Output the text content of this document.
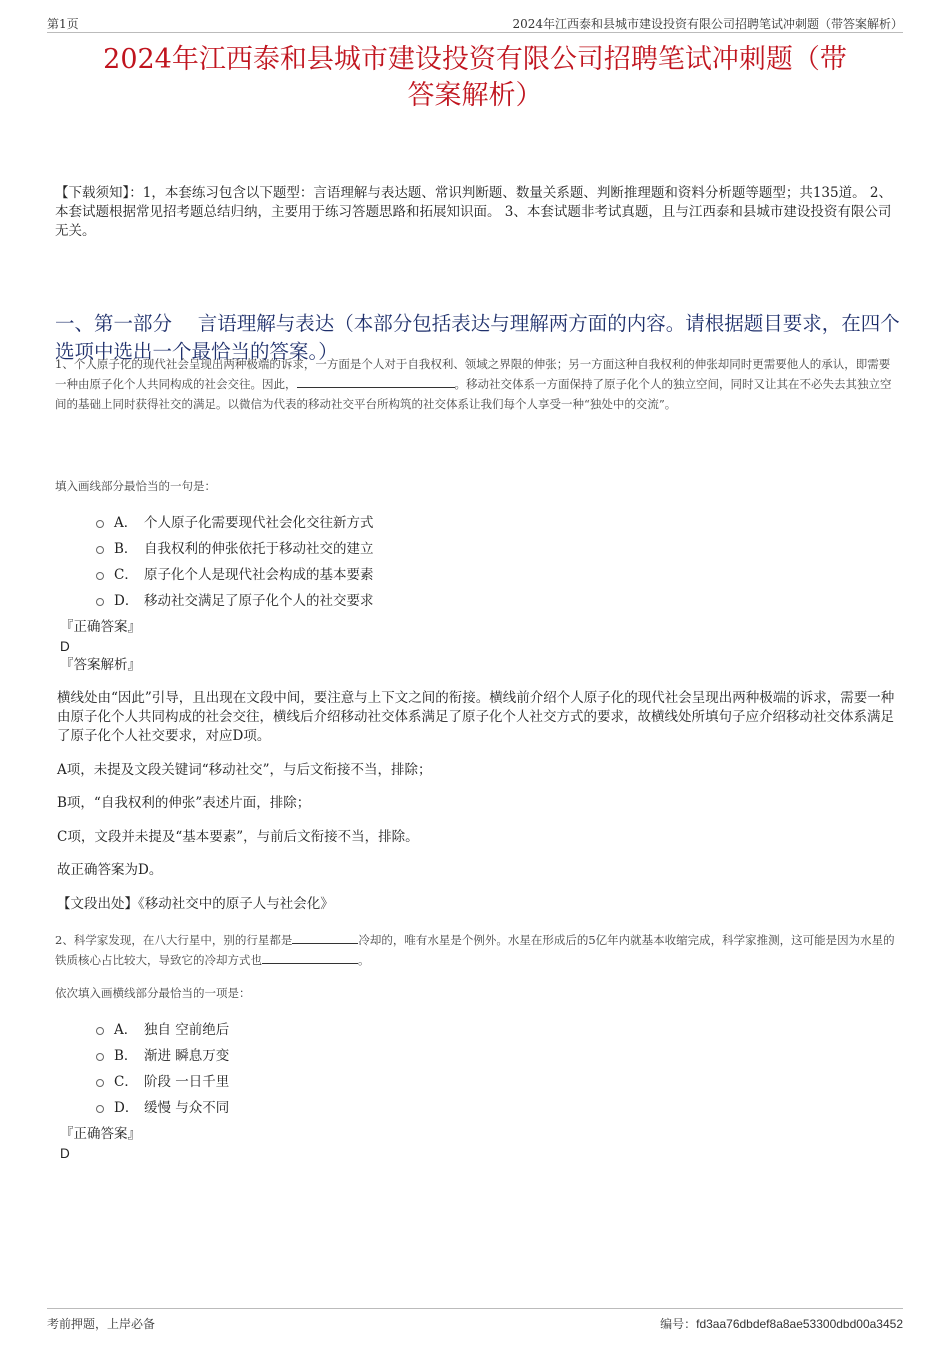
第1页	2024年江西泰和县城市建设投资有限公司招聘笔试冲刺题（带答案解析）
2024年江西泰和县城市建设投资有限公司招聘笔试冲刺题（带
答案解析）
【下载须知】：1，本套练习包含以下题型：言语理解与表达题、常识判断题、数量关系题、判断推理题和资料分析题等题型；共135道。 2、本套试题根据常见招考题总结归纳，主要用于练习答题思路和拓展知识面。 3、本套试题非考试真题，且与江西泰和县城市建设投资有限公司无关。
一、第一部分　 言语理解与表达（本部分包括表达与理解两方面的内容。请根据题目要求，在四个选项中选出一个最恰当的答案。）
1、个人原子化的现代社会呈现出两种极端的诉求，一方面是个人对于自我权利、领域之界限的伸张；另一方面这种自我权利的伸张却同时更需要他人的承认，即需要一种由原子化个人共同构成的社会交往。因此，	。移动社交体系一方面保持了原子化个人的独立空间，同时又让其在不必失去其独立空间的基础上同时获得社交的满足。以微信为代表的移动社交平台所构筑的社交体系让我们每个人享受一种“独处中的交流”。
填入画线部分最恰当的一句是：
A． 个人原子化需要现代社会化交往新方式
B． 自我权利的伸张依托于移动社交的建立
C． 原子化个人是现代社会构成的基本要素
D． 移动社交满足了原子化个人的社交要求
『正确答案』
D
『答案解析』
横线处由“因此”引导，且出现在文段中间，要注意与上下文之间的衔接。横线前介绍个人原子化的现代社会呈现出两种极端的诉求，需要一种由原子化个人共同构成的社会交往，横线后介绍移动社交体系满足了原子化个人社交方式的要求，故横线处所填句子应介绍移动社交体系满足了原子化个人社交要求，对应D项。
A项，未提及文段关键词“移动社交”，与后文衔接不当，排除；
B项，“自我权利的伸张”表述片面，排除；
C项，文段并未提及“基本要素”，与前后文衔接不当，排除。
故正确答案为D。
【文段出处】《移动社交中的原子人与社会化》
2、科学家发现，在八大行星中，别的行星都是	冷却的，唯有水星是个例外。水星在形成后的5亿年内就基本收缩完成，科学家推测，这可能是因为水星的铁质核心占比较大，导致它的冷却方式也	。
依次填入画横线部分最恰当的一项是：
A． 独自 空前绝后
B． 渐进 瞬息万变
C． 阶段 一日千里
D． 缓慢 与众不同
『正确答案』
D
考前押题，上岸必备	编号：fd3aa76dbdef8a8ae53300dbd00a3452
